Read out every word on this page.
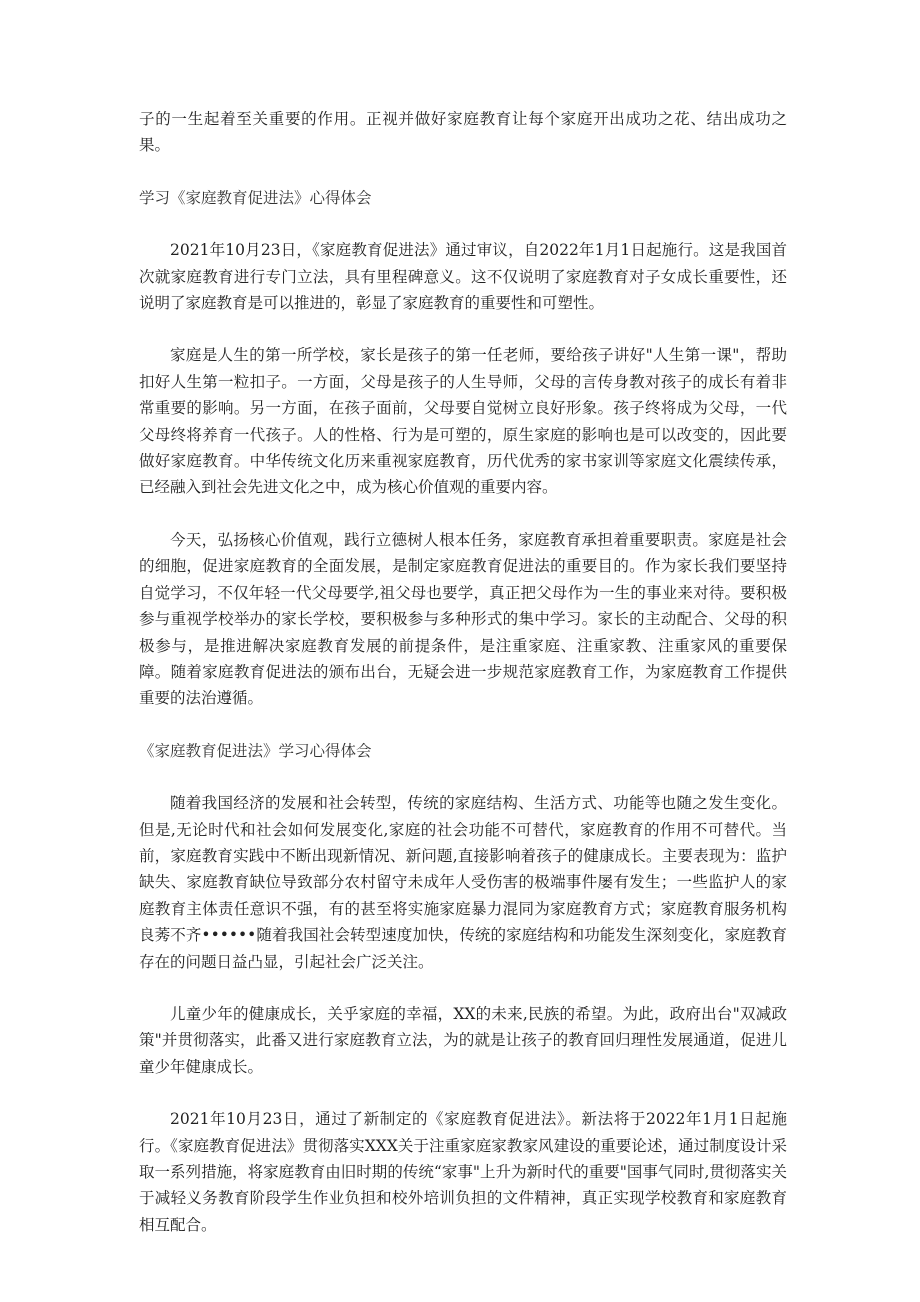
子的一生起着至关重要的作用。正视并做好家庭教育让每个家庭开出成功之花、结出成功之果。

学习《家庭教育促进法》心得体会

2021年10月23日，《家庭教育促进法》通过审议，自2022年1月1日起施行。这是我国首次就家庭教育进行专门立法，具有里程碑意义。这不仅说明了家庭教育对子女成长重要性，还说明了家庭教育是可以推进的，彰显了家庭教育的重要性和可塑性。

家庭是人生的第一所学校，家长是孩子的第一任老师，要给孩子讲好"人生第一课"，帮助扣好人生第一粒扣子。一方面，父母是孩子的人生导师，父母的言传身教对孩子的成长有着非常重要的影响。另一方面，在孩子面前，父母要自觉树立良好形象。孩子终将成为父母，一代父母终将养育一代孩子。人的性格、行为是可塑的，原生家庭的影响也是可以改变的，因此要做好家庭教育。中华传统文化历来重视家庭教育，历代优秀的家书家训等家庭文化震续传承，已经融入到社会先进文化之中，成为核心价值观的重要内容。

今天，弘扬核心价值观，践行立德树人根本任务，家庭教育承担着重要职责。家庭是社会的细胞，促进家庭教育的全面发展，是制定家庭教育促进法的重要目的。作为家长我们要坚持自觉学习，不仅年轻一代父母要学,祖父母也要学，真正把父母作为一生的事业来对待。要积极参与重视学校举办的家长学校，要积极参与多种形式的集中学习。家长的主动配合、父母的积极参与，是推进解决家庭教育发展的前提条件，是注重家庭、注重家教、注重家风的重要保障。随着家庭教育促进法的颁布出台，无疑会进一步规范家庭教育工作，为家庭教育工作提供重要的法治遵循。

《家庭教育促进法》学习心得体会

随着我国经济的发展和社会转型，传统的家庭结构、生活方式、功能等也随之发生变化。但是,无论时代和社会如何发展变化,家庭的社会功能不可替代，家庭教育的作用不可替代。当前，家庭教育实践中不断出现新情况、新问题,直接影响着孩子的健康成长。主要表现为：监护缺失、家庭教育缺位导致部分农村留守未成年人受伤害的极端事件屡有发生；一些监护人的家庭教育主体责任意识不强，有的甚至将实施家庭暴力混同为家庭教育方式；家庭教育服务机构良莠不齐••••••随着我国社会转型速度加快，传统的家庭结构和功能发生深刻变化，家庭教育存在的问题日益凸显，引起社会广泛关注。

儿童少年的健康成长，关乎家庭的幸福，XX的未来,民族的希望。为此，政府出台"双减政策"并贯彻落实，此番又进行家庭教育立法，为的就是让孩子的教育回归理性发展通道，促进儿童少年健康成长。

2021年10月23日，通过了新制定的《家庭教育促进法》。新法将于2022年1月1日起施行。《家庭教育促进法》贯彻落实XXX关于注重家庭家教家风建设的重要论述，通过制度设计采取一系列措施，将家庭教育由旧时期的传统“家事"上升为新时代的重要"国事气同时,贯彻落实关于减轻义务教育阶段学生作业负担和校外培训负担的文件精神，真正实现学校教育和家庭教育相互配合。
